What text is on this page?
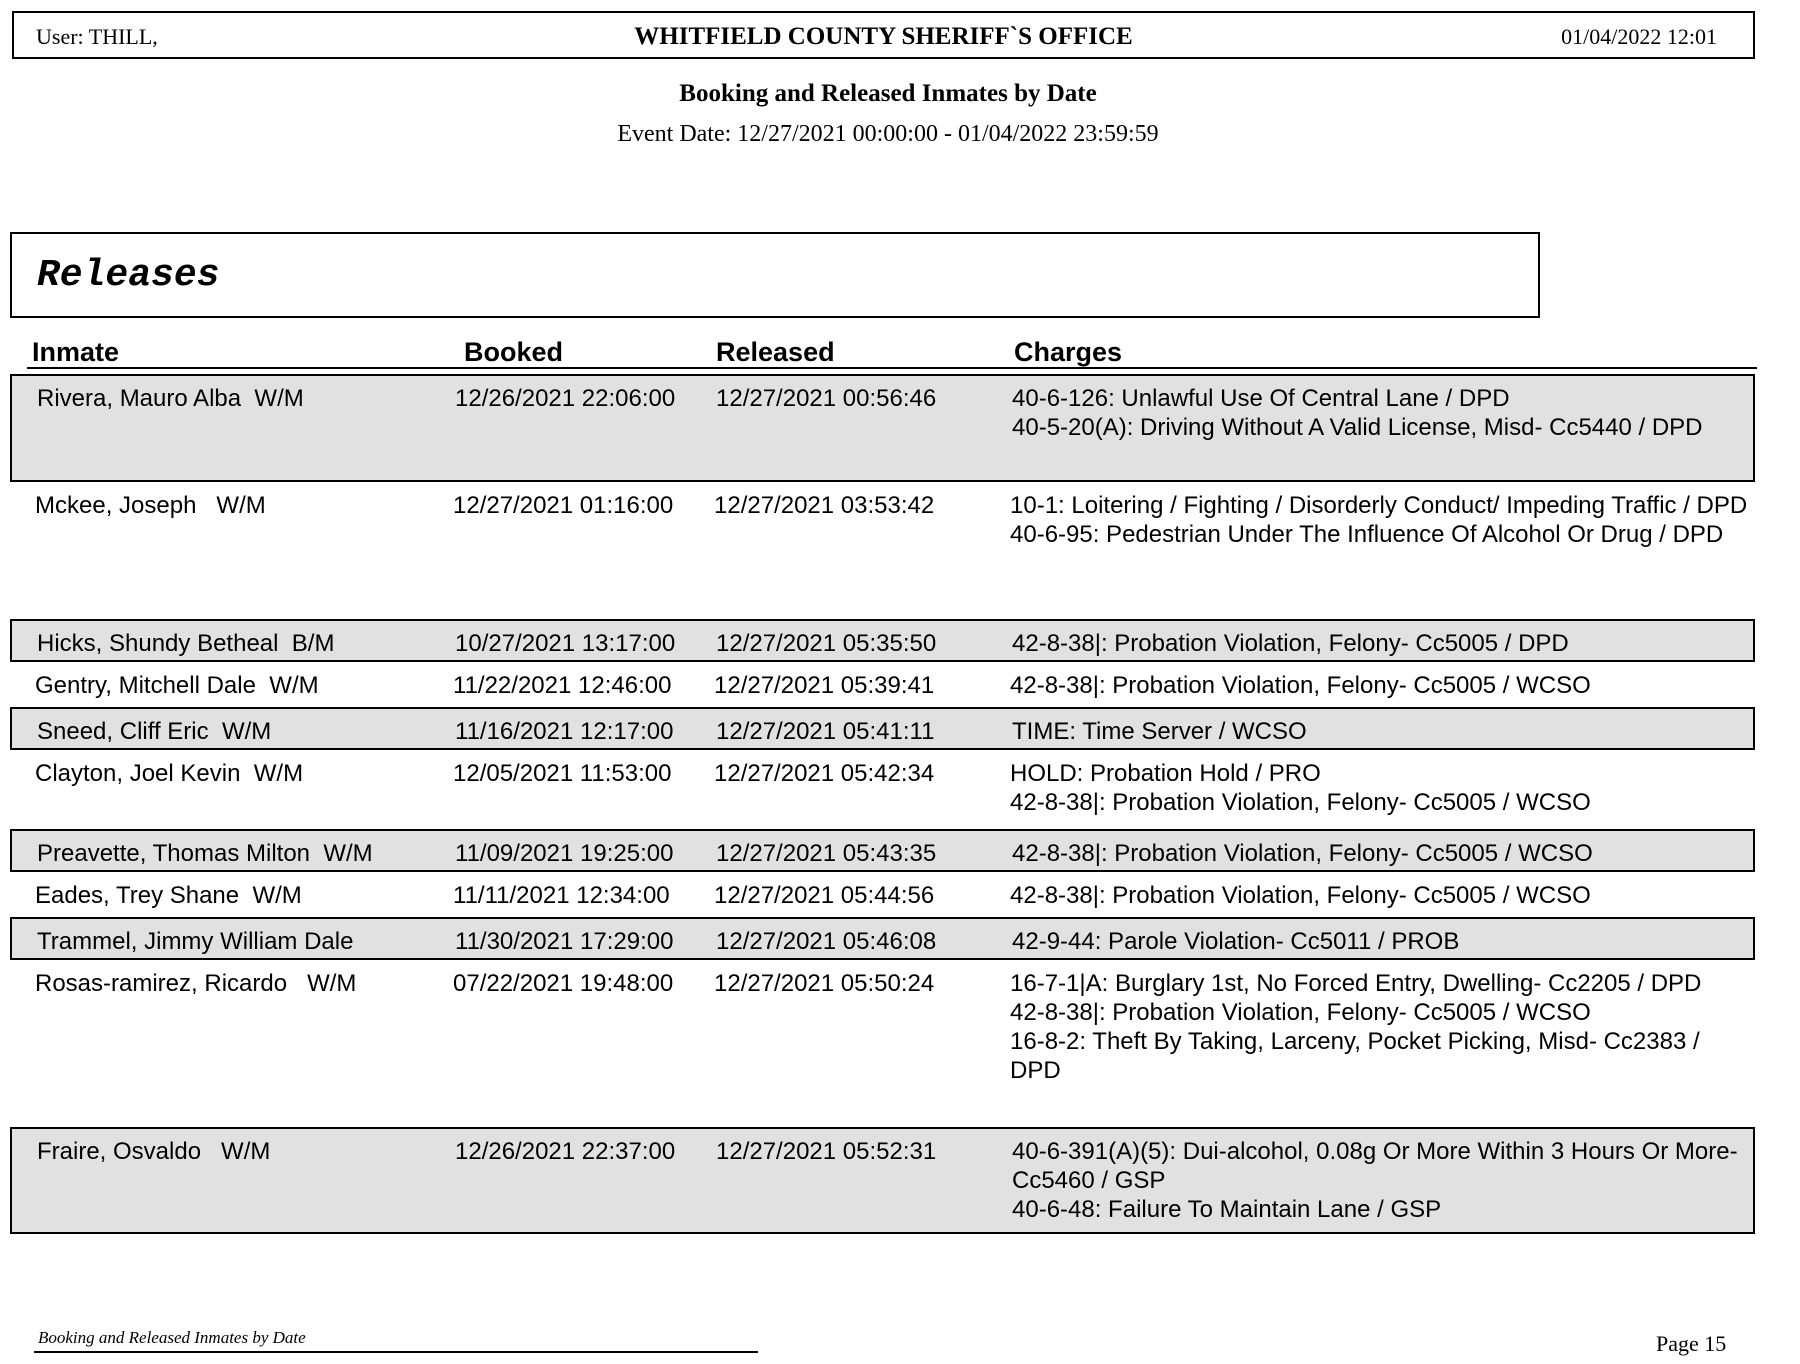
User: THILL,	WHITFIELD COUNTY SHERIFF`S OFFICE	01/04/2022 12:01
Booking and Released Inmates by Date
Event Date: 12/27/2021 00:00:00 - 01/04/2022 23:59:59
Releases
Inmate	Booked	Released	Charges
Rivera, Mauro Alba  W/M	12/26/2021 22:06:00 12/27/2021 00:56:46	40-6-126: Unlawful Use Of Central Lane / DPD
40-5-20(A): Driving Without A Valid License, Misd- Cc5440 / DPD
Mckee, Joseph   W/M	12/27/2021 01:16:00 12/27/2021 03:53:42	10-1: Loitering / Fighting / Disorderly Conduct/ Impeding Traffic / DPD
40-6-95: Pedestrian Under The Influence Of Alcohol Or Drug / DPD
Hicks, Shundy Betheal  B/M	10/27/2021 13:17:00 12/27/2021 05:35:50	42-8-38|: Probation Violation, Felony- Cc5005 / DPD
Gentry, Mitchell Dale  W/M	11/22/2021 12:46:00 12/27/2021 05:39:41	42-8-38|: Probation Violation, Felony- Cc5005 / WCSO
Sneed, Cliff Eric  W/M	11/16/2021 12:17:00 12/27/2021 05:41:11	TIME: Time Server / WCSO
Clayton, Joel Kevin  W/M	12/05/2021 11:53:00 12/27/2021 05:42:34	HOLD: Probation Hold / PRO
42-8-38|: Probation Violation, Felony- Cc5005 / WCSO
Preavette, Thomas Milton  W/M	11/09/2021 19:25:00 12/27/2021 05:43:35	42-8-38|: Probation Violation, Felony- Cc5005 / WCSO
Eades, Trey Shane  W/M	11/11/2021 12:34:00 12/27/2021 05:44:56	42-8-38|: Probation Violation, Felony- Cc5005 / WCSO
Trammel, Jimmy William Dale	11/30/2021 17:29:00 12/27/2021 05:46:08	42-9-44: Parole Violation- Cc5011 / PROB
Rosas-ramirez, Ricardo   W/M	07/22/2021 19:48:00 12/27/2021 05:50:24	16-7-1|A: Burglary 1st, No Forced Entry, Dwelling- Cc2205 / DPD
42-8-38|: Probation Violation, Felony- Cc5005 / WCSO
16-8-2: Theft By Taking, Larceny, Pocket Picking, Misd- Cc2383 / DPD
Fraire, Osvaldo   W/M	12/26/2021 22:37:00 12/27/2021 05:52:31	40-6-391(A)(5): Dui-alcohol, 0.08g Or More Within 3 Hours Or More- Cc5460 / GSP
40-6-48: Failure To Maintain Lane / GSP
Booking and Released Inmates by Date	Page 15
